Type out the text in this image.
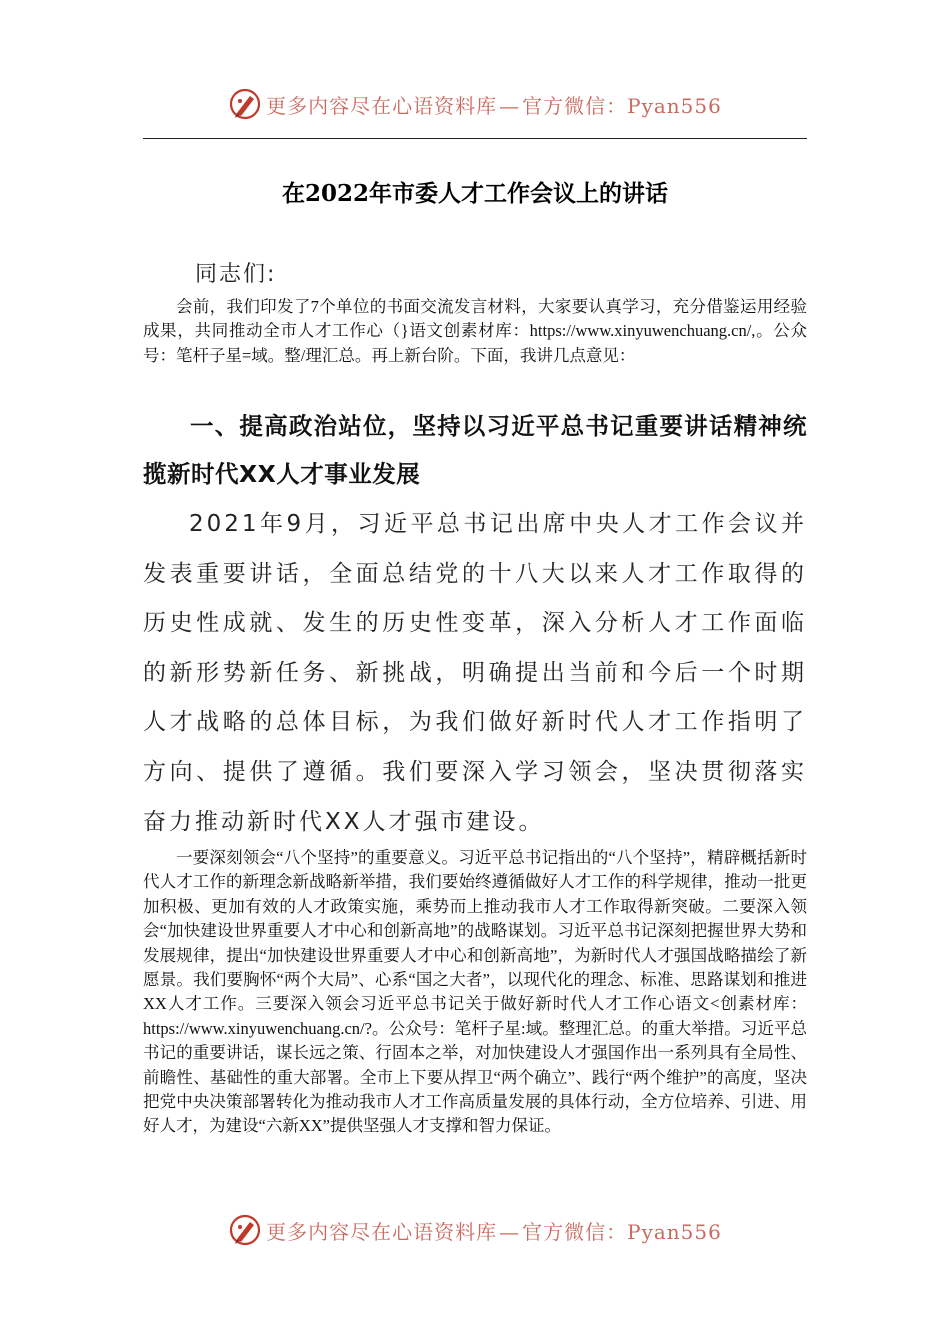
更多内容尽在心语资料库 — 官方微信：Pyan556
在2022年市委人才工作会议上的讲话
同志们:

会前，我们印发了7个单位的书面交流发言材料，大家要认真学习，充分借鉴运用经验成果，共同推动全市人才工作心（}语文创素材库：https://www.xinyuwenchuang.cn/,。公众号：笔杆子星=域。整/理汇总。再上新台阶。下面，我讲几点意见：

一、提高政治站位，坚持以习近平总书记重要讲话精神统揽新时代XX人才事业发展

2021年9月，习近平总书记出席中央人才工作会议并发表重要讲话，全面总结党的十八大以来人才工作取得的历史性成就、发生的历史性变革，深入分析人才工作面临的新形势新任务、新挑战，明确提出当前和今后一个时期人才战略的总体目标，为我们做好新时代人才工作指明了方向、提供了遵循。我们要深入学习领会，坚决贯彻落实奋力推动新时代XX人才强市建设。

一要深刻领会“八个坚持”的重要意义。习近平总书记指出的“八个坚持”，精辟概括新时代人才工作的新理念新战略新举措，我们要始终遵循做好人才工作的科学规律，推动一批更加积极、更加有效的人才政策实施，乘势而上推动我市人才工作取得新突破。二要深入领会“加快建设世界重要人才中心和创新高地”的战略谋划。习近平总书记深刻把握世界大势和发展规律，提出“加快建设世界重要人才中心和创新高地”，为新时代人才强国战略描绘了新愿景。我们要胸怀“两个大局”、心系“国之大者”，以现代化的理念、标准、思路谋划和推进XX人才工作。三要深入领会习近平总书记关于做好新时代人才工作心语文<创素材库：https://www.xinyuwenchuang.cn/?。公众号：笔杆子星:域。整理汇总。的重大举措。习近平总书记的重要讲话，谋长远之策、行固本之举，对加快建设人才强国作出一系列具有全局性、前瞻性、基础性的重大部署。全市上下要从捍卫“两个确立”、践行“两个维护”的高度，坚决把党中央决策部署转化为推动我市人才工作高质量发展的具体行动，全方位培养、引进、用好人才，为建设“六新XX”提供坚强人才支撑和智力保证。

更多内容尽在心语资料库 — 官方微信：Pyan556
